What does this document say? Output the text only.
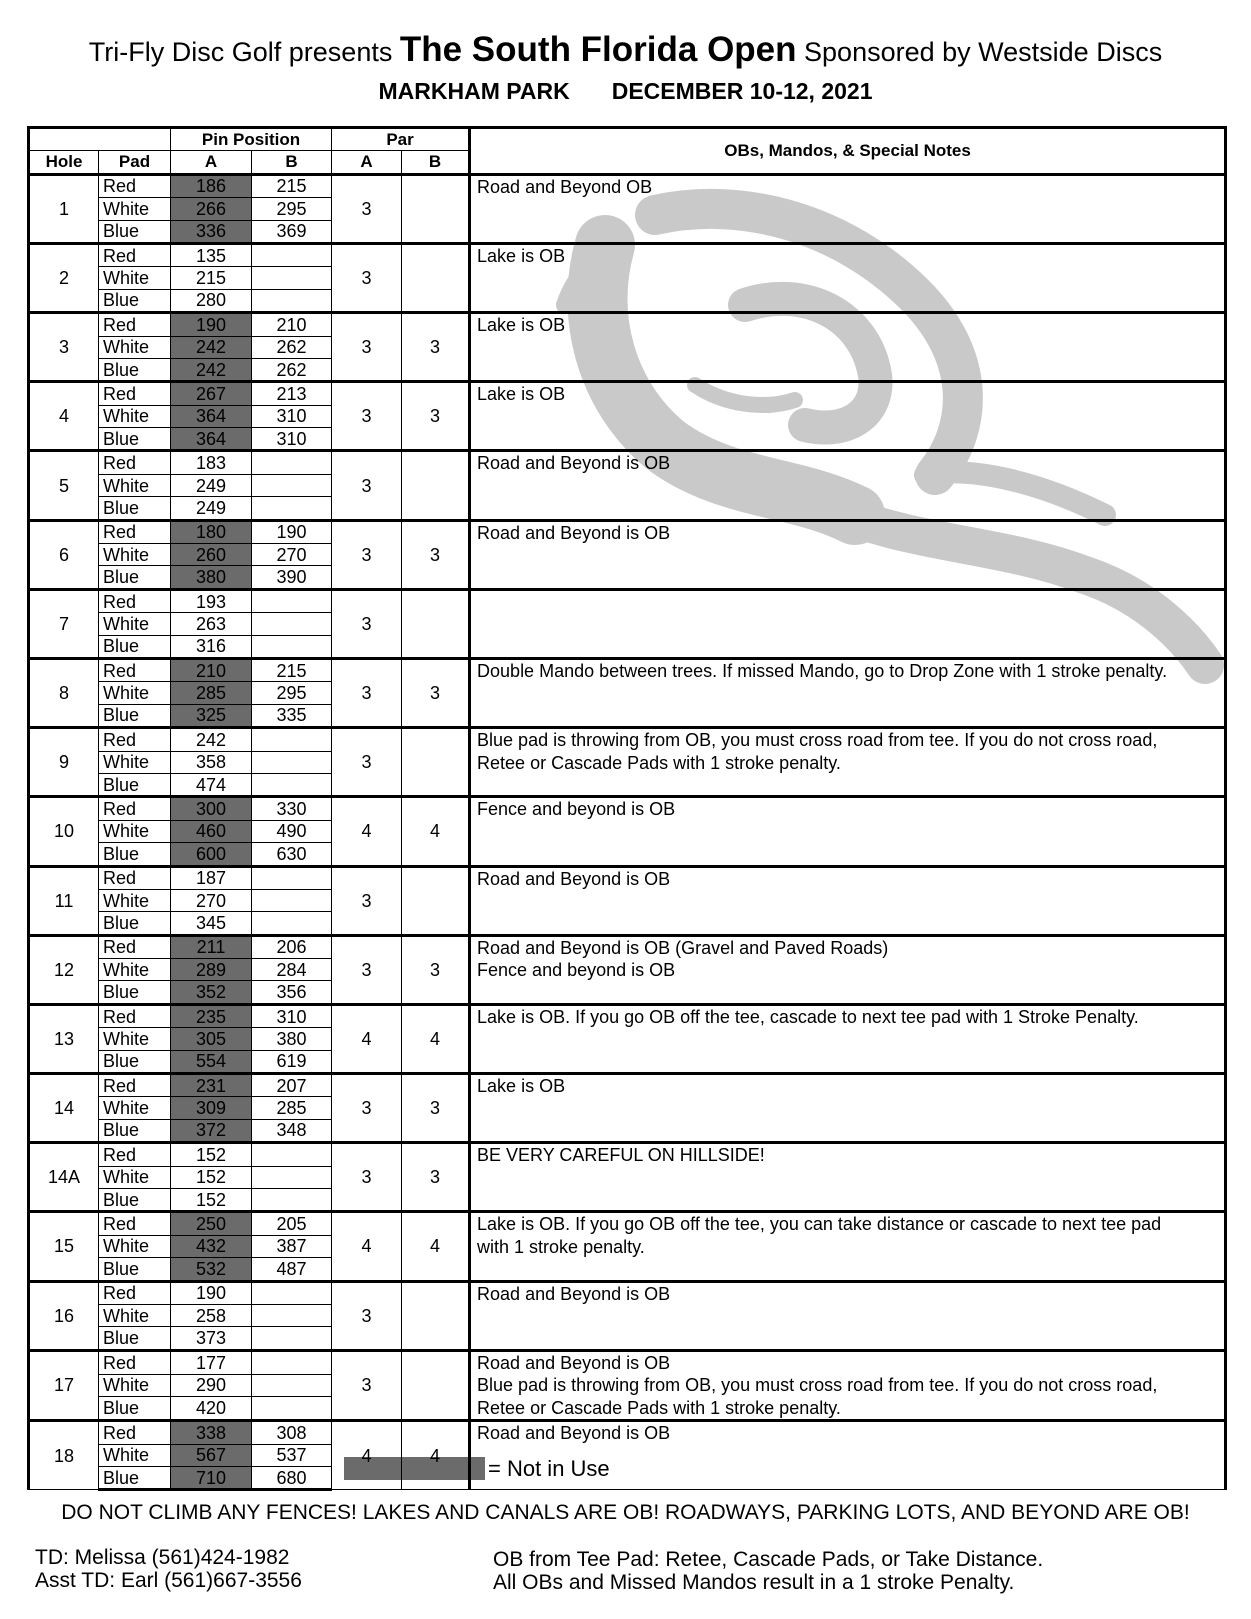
Tri-Fly Disc Golf presents The South Florida Open Sponsored by Westside Discs
MARKHAM PARK DECEMBER 10-12, 2021
		Pin Position		Par		OBs, Mandos, & Special Notes
Hole	Pad	A	B	A	B	
1	Red	186	215	3		Road and Beyond OB

	White	266	295			
	Blue	336	369			
2	Red	135		3		Lake is OB

	White	215				
	Blue	280				
3	Red	190	210	3	3	Lake is OB

	White	242	262			
	Blue	242	262			
4	Red	267	213	3	3	Lake is OB

	White	364	310			
	Blue	364	310			
5	Red	183		3		Road and Beyond is OB

	White	249				
	Blue	249				
6	Red	180	190	3	3	Road and Beyond is OB

	White	260	270			
	Blue	380	390			
7	Red	193		3		
	White	263				
	Blue	316				
8	Red	210	215	3	3	Double Mando between trees. If missed Mando, go to Drop Zone with 1 stroke penalty.

	White	285	295			
	Blue	325	335			
9	Red	242		3		Blue pad is throwing from OB, you must cross road from tee. If you do not cross road,
Retee or Cascade Pads with 1 stroke penalty.

	White	358				
	Blue	474				
10	Red	300	330	4	4	Fence and beyond is OB

	White	460	490			
	Blue	600	630			
11	Red	187		3		Road and Beyond is OB

	White	270				
	Blue	345				
12	Red	211	206	3	3	Road and Beyond is OB (Gravel and Paved Roads)
Fence and beyond is OB

	White	289	284			
	Blue	352	356			
13	Red	235	310	4	4	Lake is OB. If you go OB off the tee, cascade to next tee pad with 1 Stroke Penalty.

	White	305	380			
	Blue	554	619			
14	Red	231	207	3	3	Lake is OB

	White	309	285			
	Blue	372	348			
14A	Red	152		3	3	BE VERY CAREFUL ON HILLSIDE!

	White	152				
	Blue	152				
15	Red	250	205	4	4	Lake is OB. If you go OB off the tee, you can take distance or cascade to next tee pad
with 1 stroke penalty.

	White	432	387			
	Blue	532	487			
16	Red	190		3		Road and Beyond is OB

	White	258				
	Blue	373				
17	Red	177		3		Road and Beyond is OB
Blue pad is throwing from OB, you must cross road from tee. If you do not cross road,
Retee or Cascade Pads with 1 stroke penalty.

	White	290				
	Blue	420				
18	Red	338	308	4	4	Road and Beyond is OB

	White	567	537			
	Blue	710	680				= Not in Use
DO NOT CLIMB ANY FENCES! LAKES AND CANALS ARE OB! ROADWAYS, PARKING LOTS, AND BEYOND ARE OB!
TD: Melissa (561)424-1982
Asst TD: Earl (561)667-3556
OB from Tee Pad: Retee, Cascade Pads, or Take Distance.
All OBs and Missed Mandos result in a 1 stroke Penalty.
